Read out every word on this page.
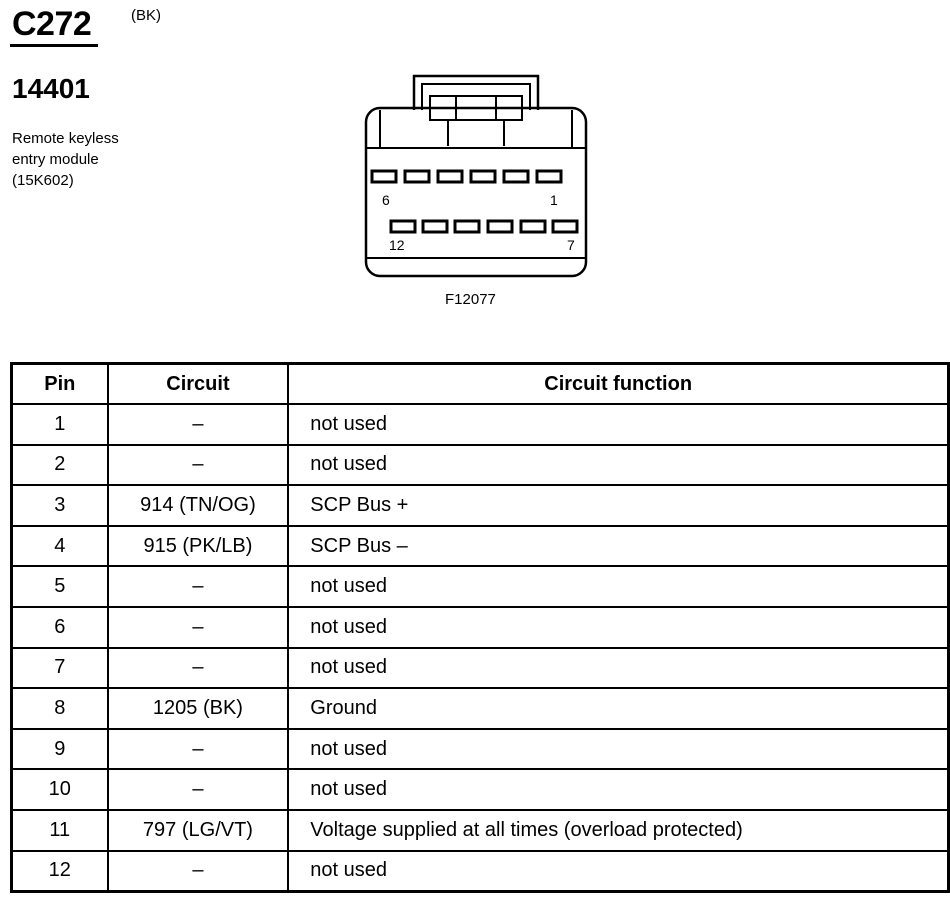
C272	(BK)
14401
Remote keyless
entry module
(15K602)
6	1
12	7
F12077
Pin	Circuit	Circuit function
1	–	not used
2	–	not used
3	914 (TN/OG)	SCP Bus +
4	915 (PK/LB)	SCP Bus –
5	–	not used
6	–	not used
7	–	not used
8	1205 (BK)	Ground
9	–	not used
10	–	not used
11	797 (LG/VT)	Voltage supplied at all times (overload protected)
12	–	not used
